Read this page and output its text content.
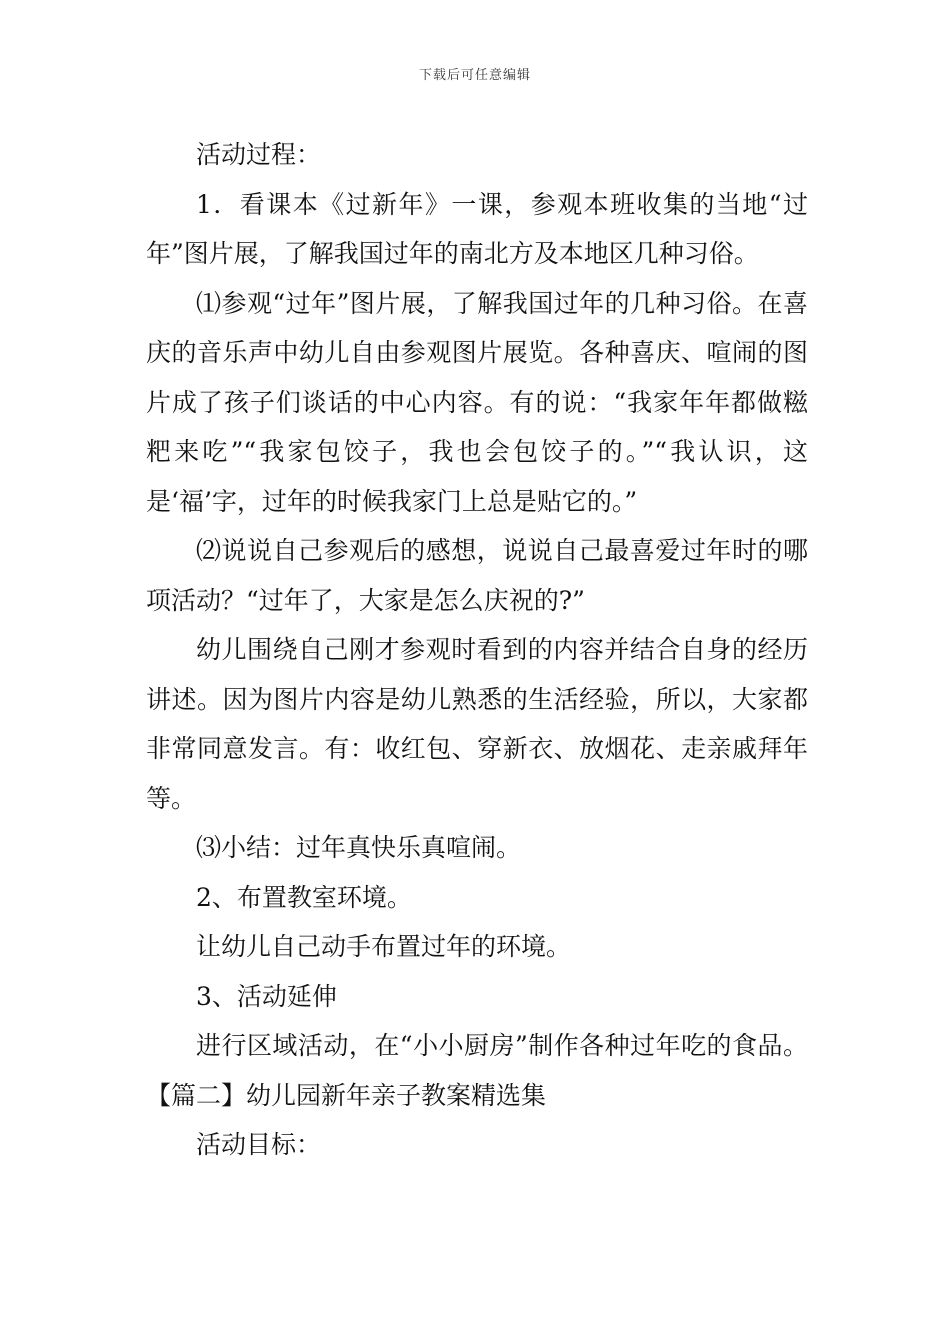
下载后可任意编辑

活动过程：

1．看课本《过新年》一课，参观本班收集的当地“过年”图片展，了解我国过年的南北方及本地区几种习俗。

⑴参观“过年”图片展，了解我国过年的几种习俗。在喜庆的音乐声中幼儿自由参观图片展览。各种喜庆、喧闹的图片成了孩子们谈话的中心内容。有的说：“我家年年都做糍粑来吃”“我家包饺子，我也会包饺子的。”“我认识，这是‘福’字，过年的时候我家门上总是贴它的。”

⑵说说自己参观后的感想，说说自己最喜爱过年时的哪项活动？“过年了，大家是怎么庆祝的?”

幼儿围绕自己刚才参观时看到的内容并结合自身的经历讲述。因为图片内容是幼儿熟悉的生活经验，所以，大家都非常同意发言。有：收红包、穿新衣、放烟花、走亲戚拜年等。

⑶小结：过年真快乐真喧闹。

2、布置教室环境。

让幼儿自己动手布置过年的环境。

3、活动延伸

进行区域活动，在“小小厨房”制作各种过年吃的食品。【篇二】幼儿园新年亲子教案精选集

活动目标：
